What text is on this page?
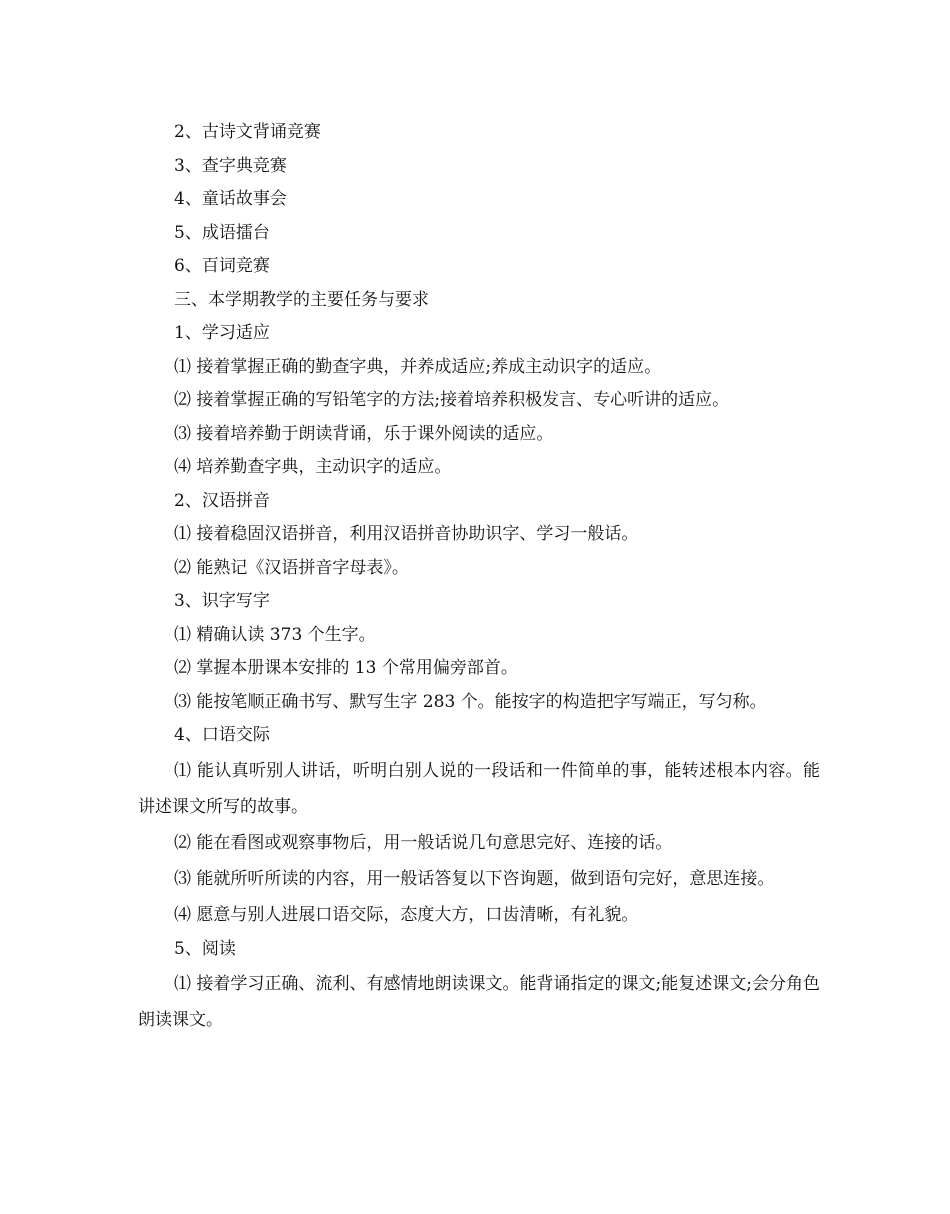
2、古诗文背诵竞赛

3、查字典竞赛

4、童话故事会

5、成语擂台

6、百词竞赛

三、本学期教学的主要任务与要求

1、学习适应

⑴ 接着掌握正确的勤查字典，并养成适应;养成主动识字的适应。

⑵ 接着掌握正确的写铅笔字的方法;接着培养积极发言、专心听讲的适应。

⑶ 接着培养勤于朗读背诵，乐于课外阅读的适应。

⑷ 培养勤查字典，主动识字的适应。

2、汉语拼音

⑴ 接着稳固汉语拼音，利用汉语拼音协助识字、学习一般话。

⑵ 能熟记《汉语拼音字母表》。

3、识字写字

⑴ 精确认读 373 个生字。

⑵ 掌握本册课本安排的 13 个常用偏旁部首。

⑶ 能按笔顺正确书写、默写生字 283 个。能按字的构造把字写端正，写匀称。

4、口语交际

⑴ 能认真听别人讲话，听明白别人说的一段话和一件简单的事，能转述根本内容。能讲述课文所写的故事。

⑵ 能在看图或观察事物后，用一般话说几句意思完好、连接的话。

⑶ 能就所听所读的内容，用一般话答复以下咨询题，做到语句完好，意思连接。

⑷ 愿意与别人进展口语交际，态度大方，口齿清晰，有礼貌。

5、阅读

⑴ 接着学习正确、流利、有感情地朗读课文。能背诵指定的课文;能复述课文;会分角色朗读课文。
